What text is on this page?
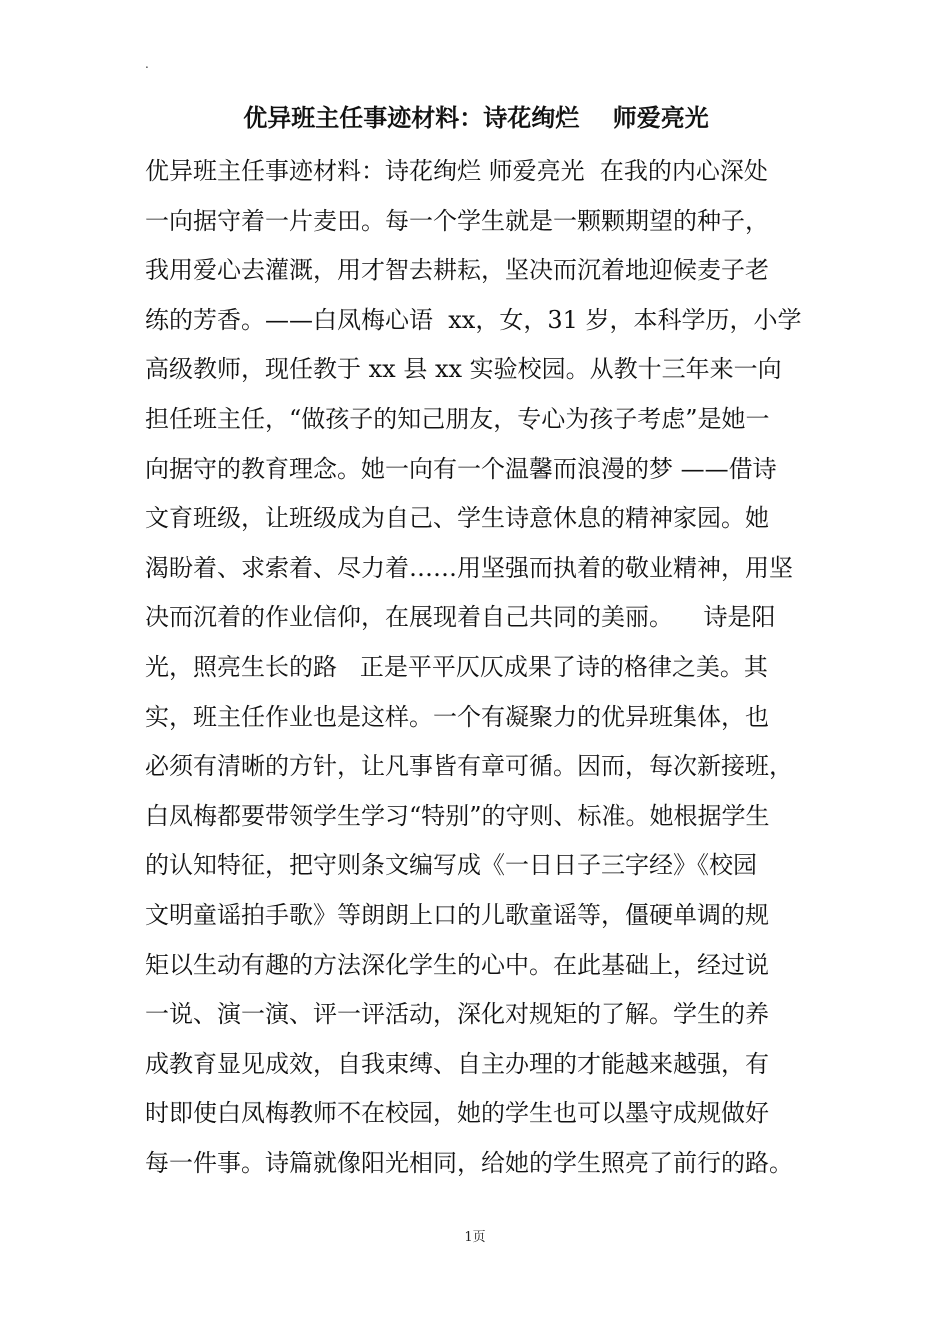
.
优异班主任事迹材料：诗花绚烂    师爱亮光
优异班主任事迹材料：诗花绚烂 师爱亮光  在我的内心深处
一向据守着一片麦田。每一个学生就是一颗颗期望的种子，
我用爱心去灌溉，用才智去耕耘，坚决而沉着地迎候麦子老
练的芳香。——白凤梅心语  xx，女，31 岁，本科学历，小学
高级教师，现任教于 xx 县 xx 实验校园。从教十三年来一向
担任班主任，“做孩子的知己朋友，专心为孩子考虑”是她一
向据守的教育理念。她一向有一个温馨而浪漫的梦 ——借诗
文育班级，让班级成为自己、学生诗意休息的精神家园。她
渴盼着、求索着、尽力着……用坚强而执着的敬业精神，用坚
决而沉着的作业信仰，在展现着自己共同的美丽。    诗是阳
光，照亮生长的路   正是平平仄仄成果了诗的格律之美。其
实，班主任作业也是这样。一个有凝聚力的优异班集体，也
必须有清晰的方针，让凡事皆有章可循。因而，每次新接班，
白凤梅都要带领学生学习“特别”的守则、标准。她根据学生
的认知特征，把守则条文编写成《一日日子三字经》《校园
文明童谣拍手歌》等朗朗上口的儿歌童谣等，僵硬单调的规
矩以生动有趣的方法深化学生的心中。在此基础上，经过说
一说、演一演、评一评活动，深化对规矩的了解。学生的养
成教育显见成效，自我束缚、自主办理的才能越来越强，有
时即使白凤梅教师不在校园，她的学生也可以墨守成规做好
每一件事。诗篇就像阳光相同，给她的学生照亮了前行的路。
1页
